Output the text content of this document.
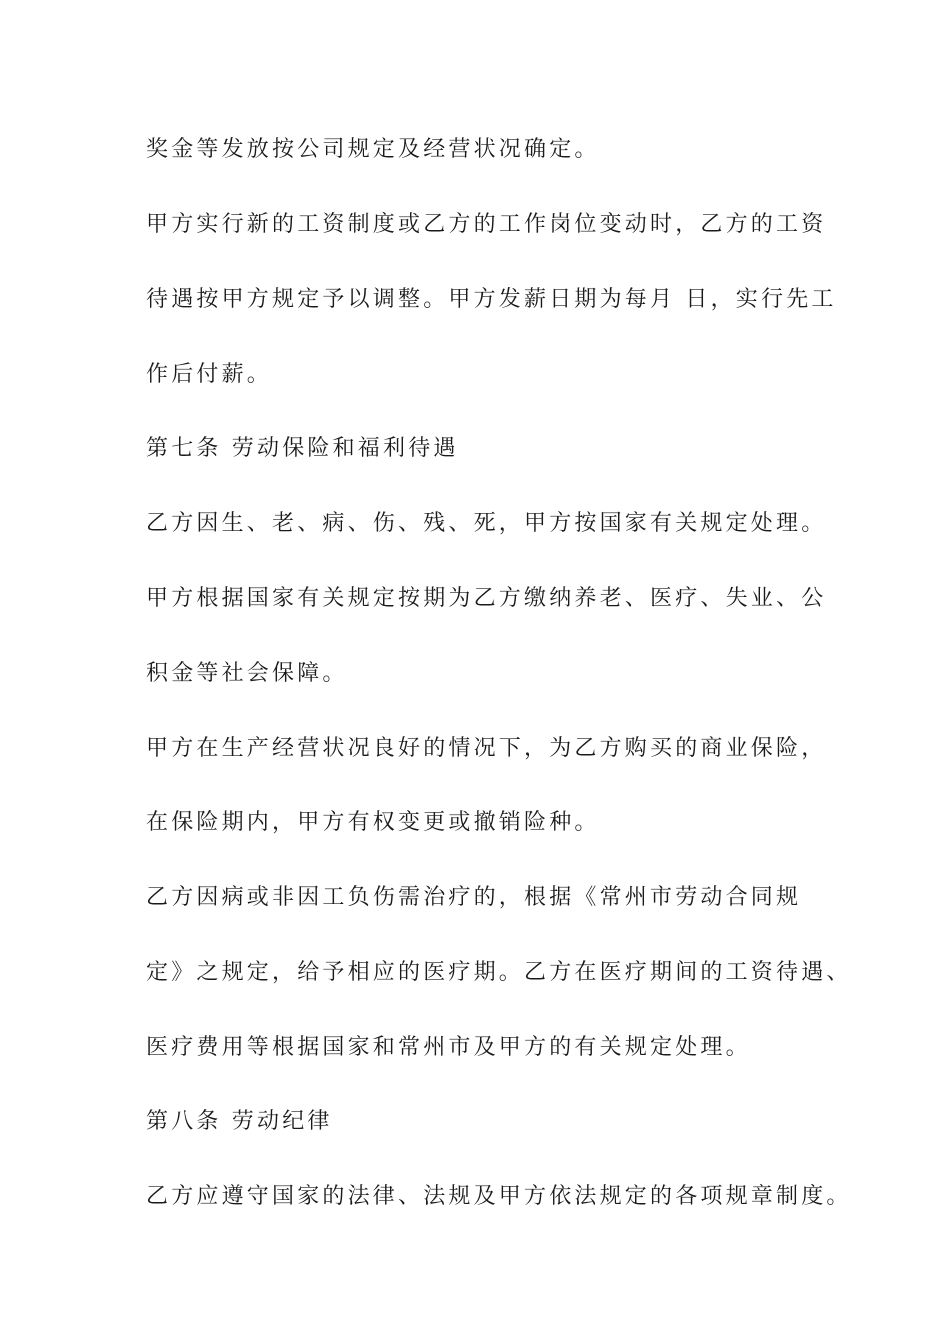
奖金等发放按公司规定及经营状况确定。
甲方实行新的工资制度或乙方的工作岗位变动时，乙方的工资
待遇按甲方规定予以调整。甲方发薪日期为每月 日，实行先工
作后付薪。
第七条 劳动保险和福利待遇
乙方因生、老、病、伤、残、死，甲方按国家有关规定处理。
甲方根据国家有关规定按期为乙方缴纳养老、医疗、失业、公
积金等社会保障。
甲方在生产经营状况良好的情况下，为乙方购买的商业保险，
在保险期内，甲方有权变更或撤销险种。
乙方因病或非因工负伤需治疗的，根据《常州市劳动合同规
定》之规定，给予相应的医疗期。乙方在医疗期间的工资待遇、
医疗费用等根据国家和常州市及甲方的有关规定处理。
第八条 劳动纪律
乙方应遵守国家的法律、法规及甲方依法规定的各项规章制度。
